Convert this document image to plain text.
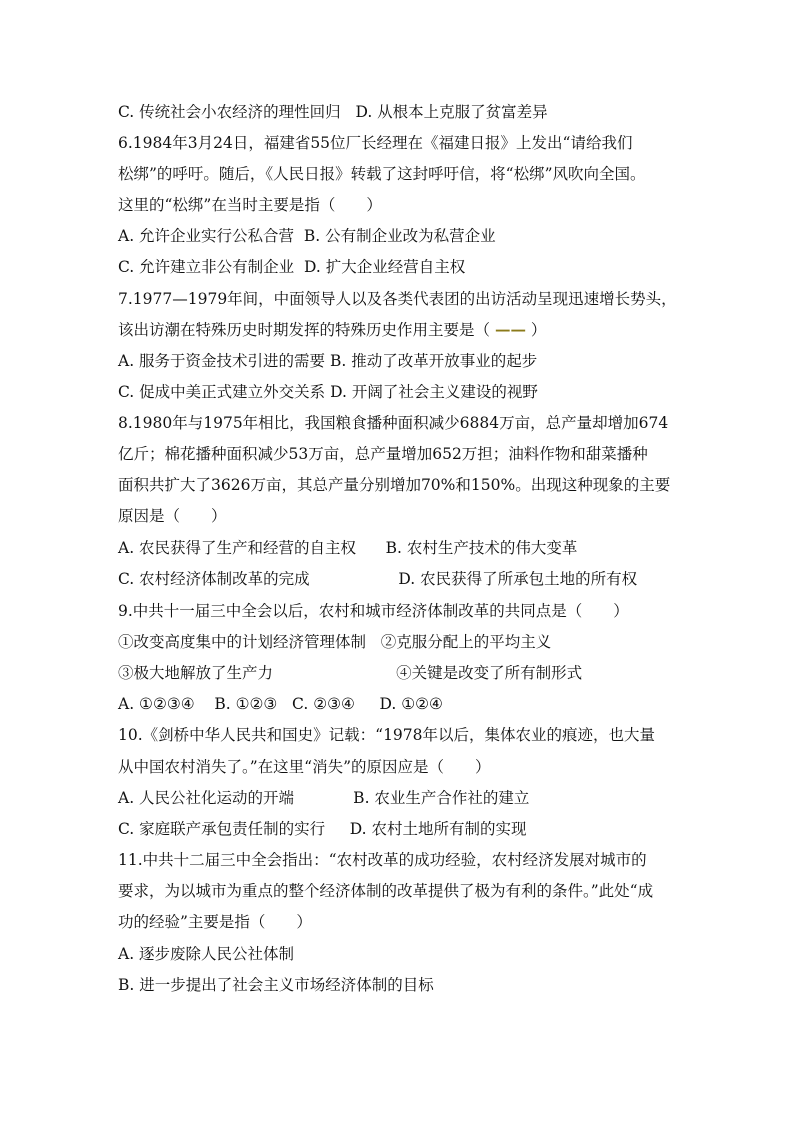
C. 传统社会小农经济的理性回归   D. 从根本上克服了贫富差异
6.1984年3月24日，福建省55位厂长经理在《福建日报》上发出“请给我们
松绑”的呼吁。随后，《人民日报》转载了这封呼吁信，将“松绑”风吹向全国。
这里的“松绑”在当时主要是指（　　）
A. 允许企业实行公私合营  B. 公有制企业改为私营企业
C. 允许建立非公有制企业  D. 扩大企业经营自主权
7.1977—1979年间，中面领导人以及各类代表团的出访活动呈现迅速增长势头，
该出访潮在特殊历史时期发挥的特殊历史作用主要是（ —— ）
A. 服务于资金技术引进的需要 B. 推动了改革开放事业的起步
C. 促成中美正式建立外交关系 D. 开阔了社会主义建设的视野
8.1980年与1975年相比，我国粮食播种面积减少6884万亩，总产量却增加674
亿斤；棉花播种面积减少53万亩，总产量增加652万担；油料作物和甜菜播种
面积共扩大了3626万亩，其总产量分别增加70%和150%。出现这种现象的主要
原因是（　　）
A. 农民获得了生产和经营的自主权      B. 农村生产技术的伟大变革
C. 农村经济体制改革的完成                  D. 农民获得了所承包土地的所有权
9.中共十一届三中全会以后，农村和城市经济体制改革的共同点是（　　）
①改变高度集中的计划经济管理体制   ②克服分配上的平均主义
③极大地解放了生产力                         ④关键是改变了所有制形式
A. ①②③④    B. ①②③   C. ②③④     D. ①②④
10.《剑桥中华人民共和国史》记载：“1978年以后，集体农业的痕迹，也大量
从中国农村消失了。”在这里“消失”的原因应是（　　）
A. 人民公社化运动的开端            B. 农业生产合作社的建立
C. 家庭联产承包责任制的实行     D. 农村土地所有制的实现
11.中共十二届三中全会指出：“农村改革的成功经验，农村经济发展对城市的
要求，为以城市为重点的整个经济体制的改革提供了极为有利的条件。”此处“成
功的经验”主要是指（　　）
A. 逐步废除人民公社体制
B. 进一步提出了社会主义市场经济体制的目标
